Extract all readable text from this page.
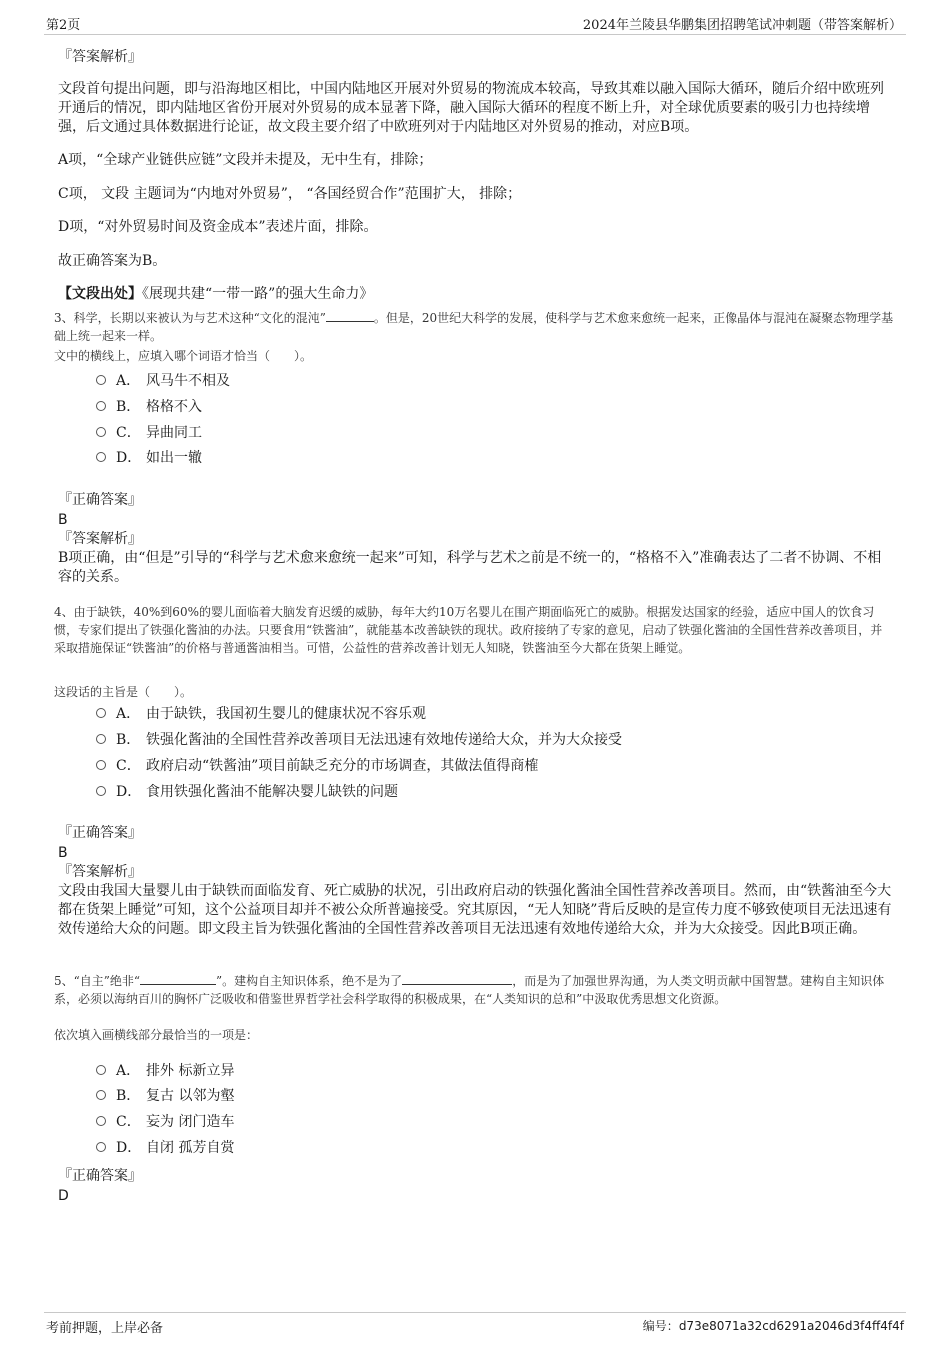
第2页	2024年兰陵县华鹏集团招聘笔试冲刺题（带答案解析）
『答案解析』
文段首句提出问题，即与沿海地区相比，中国内陆地区开展对外贸易的物流成本较高，导致其难以融入国际大循环，随后介绍中欧班列开通后的情况，即内陆地区省份开展对外贸易的成本显著下降，融入国际大循环的程度不断上升，对全球优质要素的吸引力也持续增强，后文通过具体数据进行论证，故文段主要介绍了中欧班列对于内陆地区对外贸易的推动，对应B项。
A项，“全球产业链供应链”文段并未提及，无中生有，排除；
C项， 文段 主题词为“内地对外贸易”， “各国经贸合作”范围扩大， 排除；
D项，“对外贸易时间及资金成本”表述片面，排除。
故正确答案为B。
【文段出处】《展现共建“一带一路”的强大生命力》
3、科学，长期以来被认为与艺术这种“文化的混沌”	。但是，20世纪大科学的发展，使科学与艺术愈来愈统一起来，正像晶体与混沌在凝聚态物理学基础上统一起来一样。
文中的横线上，应填入哪个词语才恰当（　　）。
A． 风马牛不相及
B． 格格不入
C． 异曲同工
D． 如出一辙
『正确答案』
B
『答案解析』
B项正确，由“但是”引导的“科学与艺术愈来愈统一起来”可知，科学与艺术之前是不统一的，“格格不入”准确表达了二者不协调、不相容的关系。
4、由于缺铁，40%到60%的婴儿面临着大脑发育迟缓的威胁，每年大约10万名婴儿在围产期面临死亡的威胁。根据发达国家的经验，适应中国人的饮食习惯，专家们提出了铁强化酱油的办法。只要食用“铁酱油”，就能基本改善缺铁的现状。政府接纳了专家的意见，启动了铁强化酱油的全国性营养改善项目，并采取措施保证“铁酱油”的价格与普通酱油相当。可惜，公益性的营养改善计划无人知晓，铁酱油至今大都在货架上睡觉。
这段话的主旨是（　　）。
A． 由于缺铁，我国初生婴儿的健康状况不容乐观
B． 铁强化酱油的全国性营养改善项目无法迅速有效地传递给大众，并为大众接受
C． 政府启动“铁酱油”项目前缺乏充分的市场调查，其做法值得商榷
D． 食用铁强化酱油不能解决婴儿缺铁的问题
『正确答案』
B
『答案解析』
文段由我国大量婴儿由于缺铁而面临发育、死亡威胁的状况，引出政府启动的铁强化酱油全国性营养改善项目。然而，由“铁酱油至今大都在货架上睡觉”可知，这个公益项目却并不被公众所普遍接受。究其原因，“无人知晓”背后反映的是宣传力度不够致使项目无法迅速有效传递给大众的问题。即文段主旨为铁强化酱油的全国性营养改善项目无法迅速有效地传递给大众，并为大众接受。因此B项正确。
5、“自主”绝非“	”。建构自主知识体系，绝不是为了	，而是为了加强世界沟通，为人类文明贡献中国智慧。建构自主知识体系，必须以海纳百川的胸怀广泛吸收和借鉴世界哲学社会科学取得的积极成果，在“人类知识的总和”中汲取优秀思想文化资源。
依次填入画横线部分最恰当的一项是：
A． 排外 标新立异
B． 复古 以邻为壑
C． 妄为 闭门造车
D． 自闭 孤芳自赏
『正确答案』
D
考前押题，上岸必备	编号：d73e8071a32cd6291a2046d3f4ff4f4f
